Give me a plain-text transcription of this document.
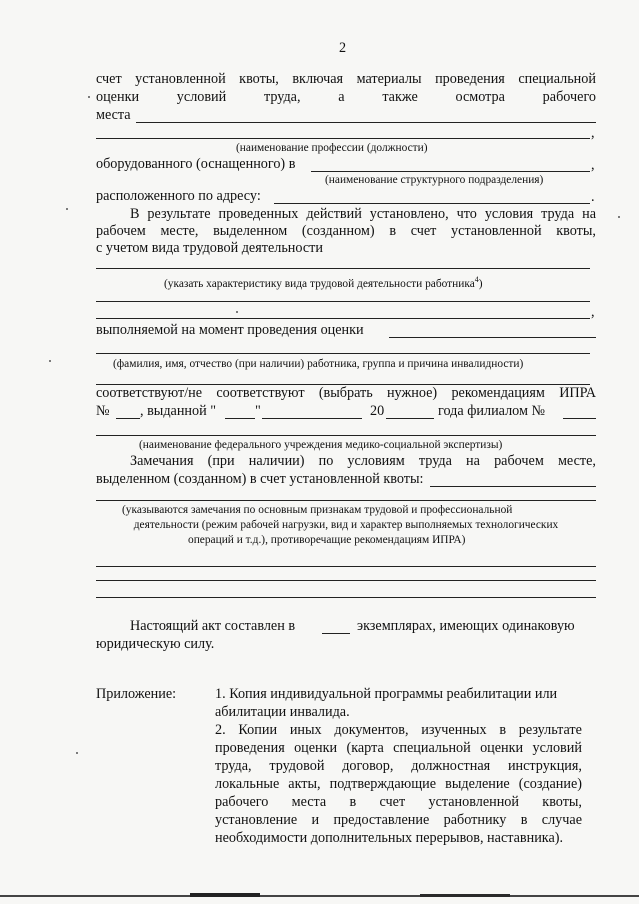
2
счет установленной квоты, включая материалы проведения специальной
оценки	условий	труда,	а	также	осмотра	рабочего
места
,
(наименование профессии (должности)
оборудованного (оснащенного) в	,
(наименование структурного подразделения)
расположенного по адресу:	.
В результате проведенных действий установлено, что условия труда на
рабочем месте, выделенном (созданном) в счет установленной квоты,
с учетом вида трудовой деятельности
(указать характеристику вида трудовой деятельности работника$^4$)
,
выполняемой на момент проведения оценки
(фамилия, имя, отчество (при наличии) работника, группа и причина инвалидности)
соответствуют/не соответствуют (выбрать нужное) рекомендациям ИПРА
№ , выданной "	"	20	года филиалом №
(наименование федерального учреждения медико-социальной экспертизы)
Замечания (при наличии) по условиям труда на рабочем месте,
выделенном (созданном) в счет установленной квоты:
(указываются замечания по основным признакам трудовой и профессиональной
деятельности (режим рабочей нагрузки, вид и характер выполняемых технологических
операций и т.д.), противоречащие рекомендациям ИПРА)
Настоящий акт составлен в	экземплярах, имеющих одинаковую
юридическую силу.
Приложение:	1. Копия индивидуальной программы реабилитации или
абилитации инвалида.
2. Копии иных документов, изученных в результате
проведения оценки (карта специальной оценки условий
труда, трудовой договор, должностная инструкция,
локальные акты, подтверждающие выделение (создание)
рабочего места в счет установленной квоты,
установление и предоставление работнику в случае
необходимости дополнительных перерывов, наставника).
